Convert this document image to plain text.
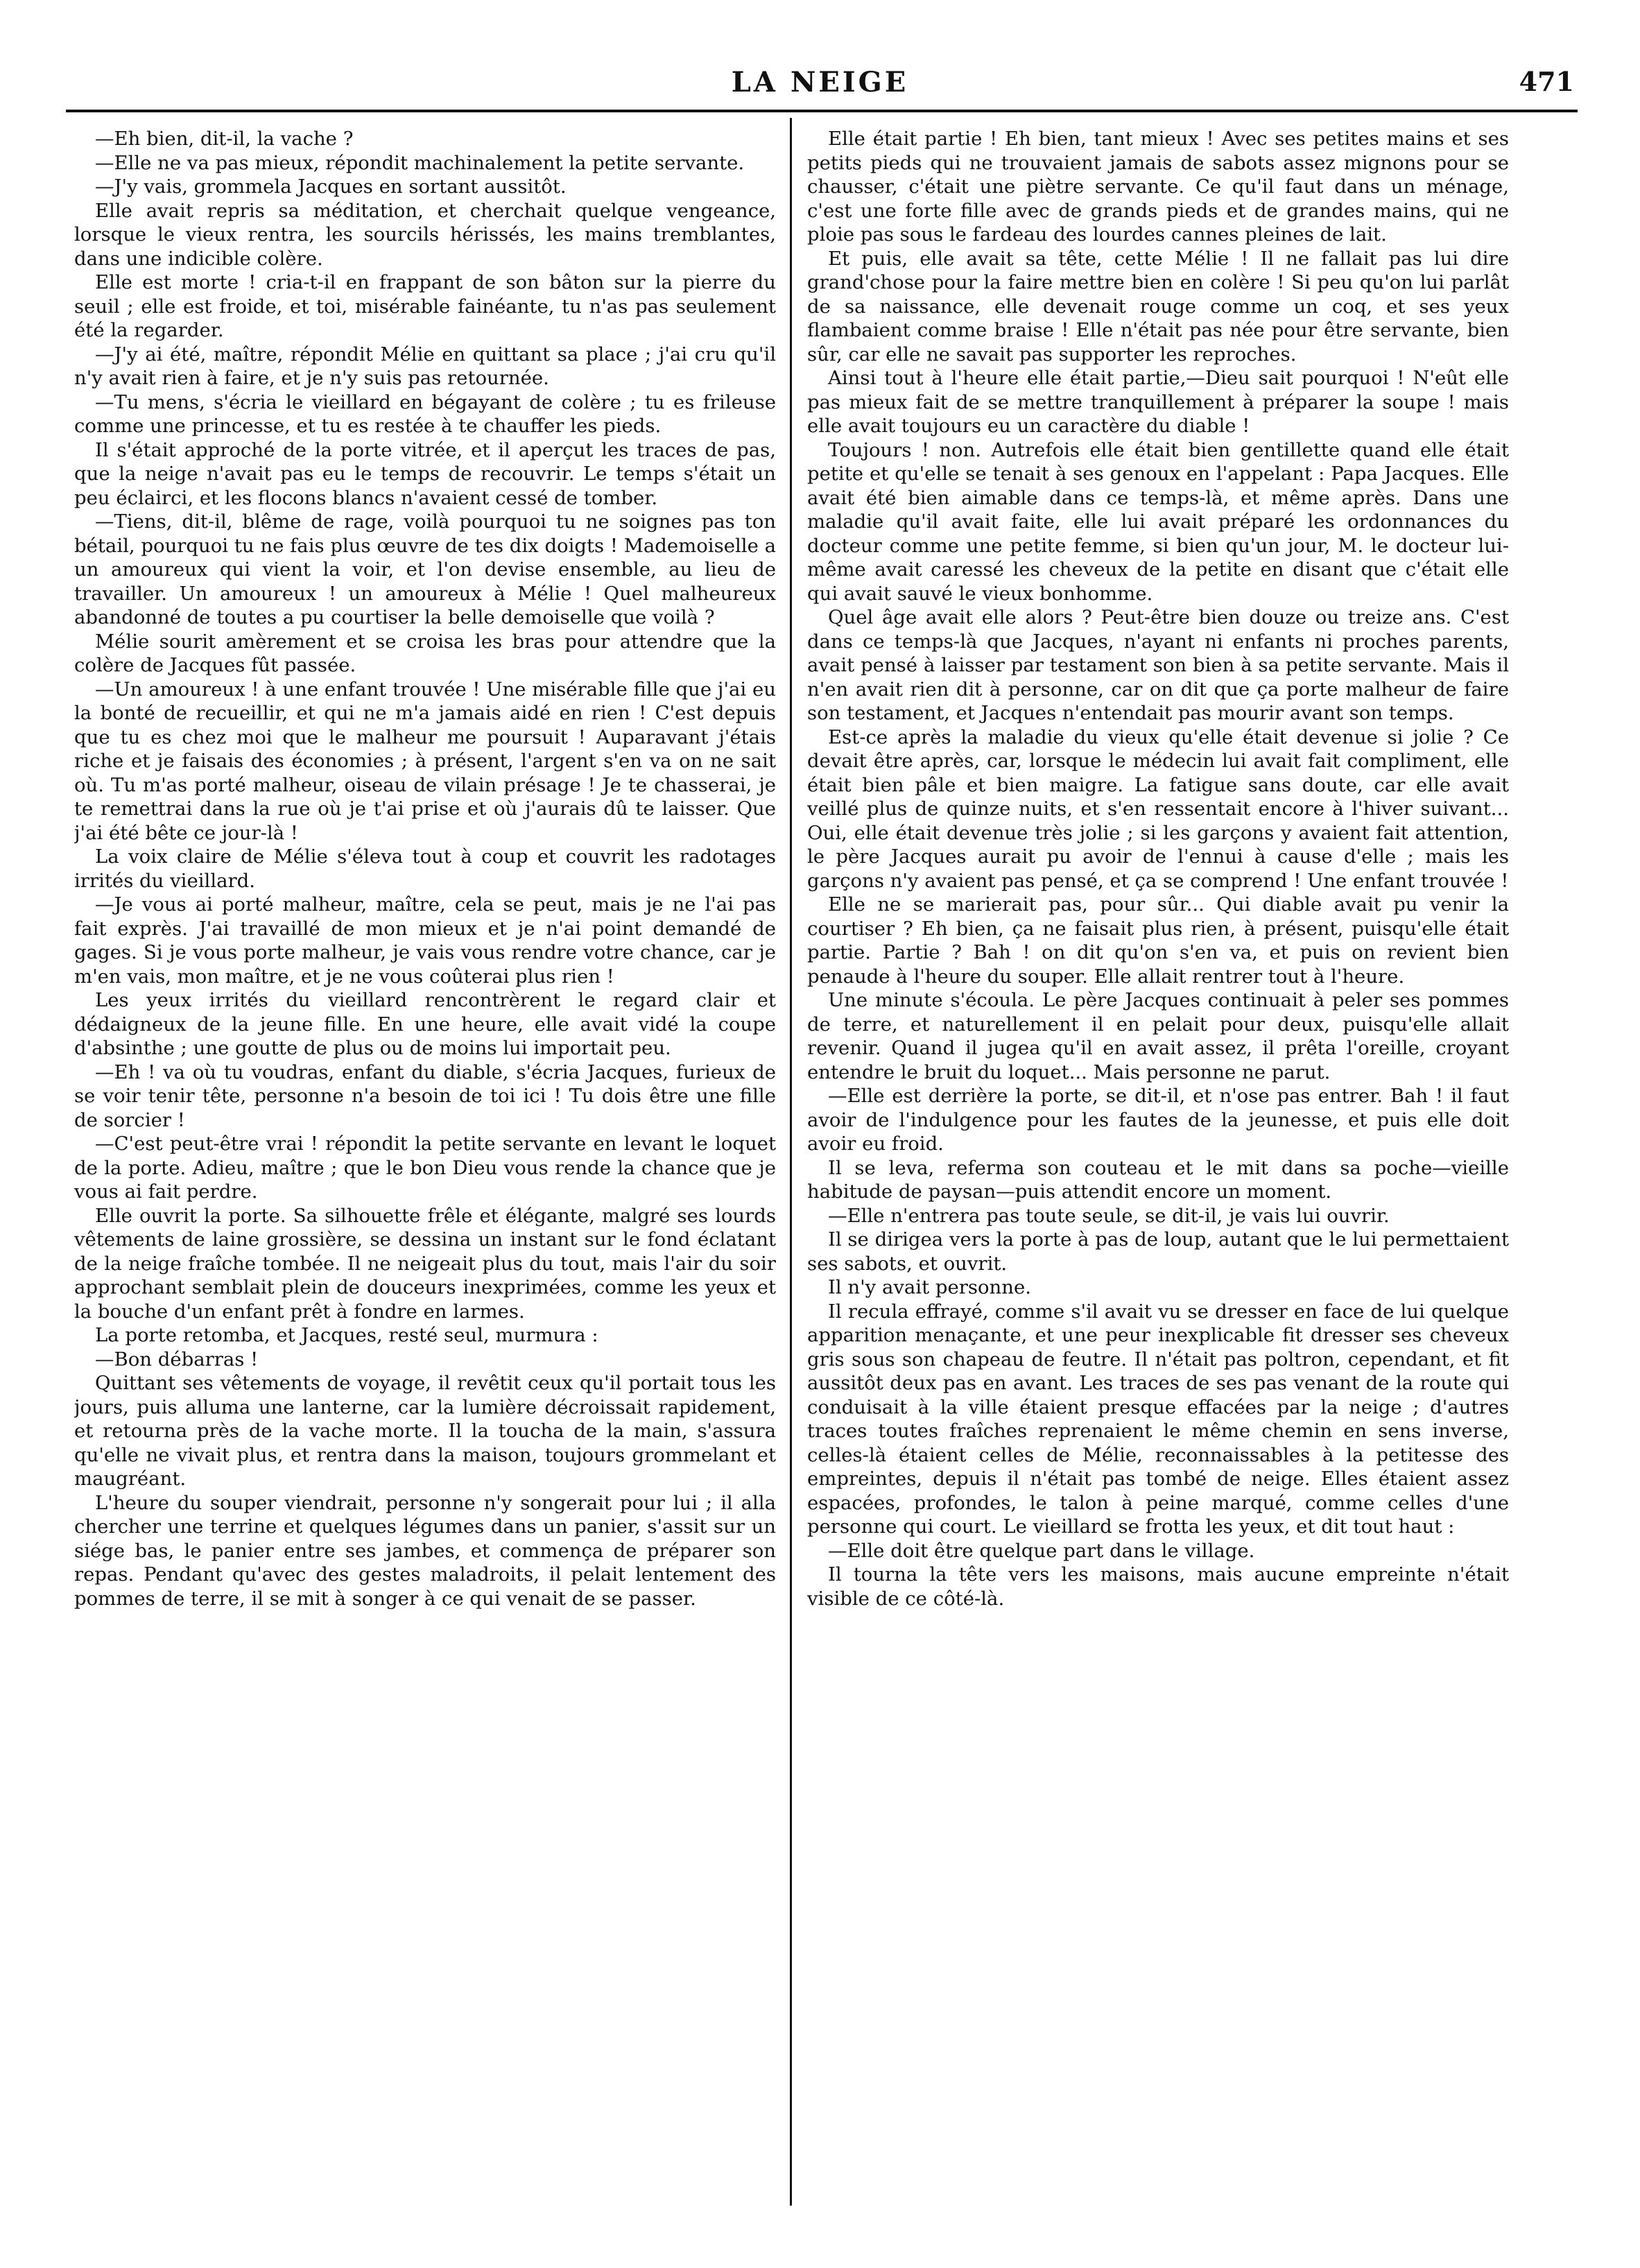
LA NEIGE	471

—Eh bien, dit-il, la vache ?

—Elle ne va pas mieux, répondit machinalement la petite servante.

—J'y vais, grommela Jacques en sortant aussitôt.

Elle avait repris sa méditation, et cherchait quelque vengeance, lorsque le vieux rentra, les sourcils hérissés, les mains tremblantes, dans une indicible colère.

Elle est morte ! cria-t-il en frappant de son bâton sur la pierre du seuil ; elle est froide, et toi, misérable fainéante, tu n'as pas seulement été la regarder.

—J'y ai été, maître, répondit Mélie en quittant sa place ; j'ai cru qu'il n'y avait rien à faire, et je n'y suis pas retournée.

—Tu mens, s'écria le vieillard en bégayant de colère ; tu es frileuse comme une princesse, et tu es restée à te chauffer les pieds.

Il s'était approché de la porte vitrée, et il aperçut les traces de pas, que la neige n'avait pas eu le temps de recouvrir. Le temps s'était un peu éclairci, et les flocons blancs n'avaient cessé de tomber.

—Tiens, dit-il, blême de rage, voilà pourquoi tu ne soignes pas ton bétail, pourquoi tu ne fais plus œuvre de tes dix doigts ! Mademoiselle a un amoureux qui vient la voir, et l'on devise ensemble, au lieu de travailler. Un amoureux ! un amoureux à Mélie ! Quel malheureux abandonné de toutes a pu courtiser la belle demoiselle que voilà ?

Mélie sourit amèrement et se croisa les bras pour attendre que la colère de Jacques fût passée.

—Un amoureux ! à une enfant trouvée ! Une misérable fille que j'ai eu la bonté de recueillir, et qui ne m'a jamais aidé en rien ! C'est depuis que tu es chez moi que le malheur me poursuit ! Auparavant j'étais riche et je faisais des économies ; à présent, l'argent s'en va on ne sait où. Tu m'as porté malheur, oiseau de vilain présage ! Je te chasserai, je te remettrai dans la rue où je t'ai prise et où j'aurais dû te laisser. Que j'ai été bête ce jour-là !

La voix claire de Mélie s'éleva tout à coup et couvrit les radotages irrités du vieillard.

—Je vous ai porté malheur, maître, cela se peut, mais je ne l'ai pas fait exprès. J'ai travaillé de mon mieux et je n'ai point demandé de gages. Si je vous porte malheur, je vais vous rendre votre chance, car je m'en vais, mon maître, et je ne vous coûterai plus rien !

Les yeux irrités du vieillard rencontrèrent le regard clair et dédaigneux de la jeune fille. En une heure, elle avait vidé la coupe d'absinthe ; une goutte de plus ou de moins lui importait peu.

—Eh ! va où tu voudras, enfant du diable, s'écria Jacques, furieux de se voir tenir tête, personne n'a besoin de toi ici ! Tu dois être une fille de sorcier !

—C'est peut-être vrai ! répondit la petite servante en levant le loquet de la porte. Adieu, maître ; que le bon Dieu vous rende la chance que je vous ai fait perdre.

Elle ouvrit la porte. Sa silhouette frêle et élégante, malgré ses lourds vêtements de laine grossière, se dessina un instant sur le fond éclatant de la neige fraîche tombée. Il ne neigeait plus du tout, mais l'air du soir approchant semblait plein de douceurs inexprimées, comme les yeux et la bouche d'un enfant prêt à fondre en larmes.

La porte retomba, et Jacques, resté seul, murmura :

—Bon débarras !

Quittant ses vêtements de voyage, il revêtit ceux qu'il portait tous les jours, puis alluma une lanterne, car la lumière décroissait rapidement, et retourna près de la vache morte. Il la toucha de la main, s'assura qu'elle ne vivait plus, et rentra dans la maison, toujours grommelant et maugréant.

L'heure du souper viendrait, personne n'y songerait pour lui ; il alla chercher une terrine et quelques légumes dans un panier, s'assit sur un siége bas, le panier entre ses jambes, et commença de préparer son repas. Pendant qu'avec des gestes maladroits, il pelait lentement des pommes de terre, il se mit à songer à ce qui venait de se passer.

Elle était partie ! Eh bien, tant mieux ! Avec ses petites mains et ses petits pieds qui ne trouvaient jamais de sabots assez mignons pour se chausser, c'était une piètre servante. Ce qu'il faut dans un ménage, c'est une forte fille avec de grands pieds et de grandes mains, qui ne ploie pas sous le fardeau des lourdes cannes pleines de lait.

Et puis, elle avait sa tête, cette Mélie ! Il ne fallait pas lui dire grand'chose pour la faire mettre bien en colère ! Si peu qu'on lui parlât de sa naissance, elle devenait rouge comme un coq, et ses yeux flambaient comme braise ! Elle n'était pas née pour être servante, bien sûr, car elle ne savait pas supporter les reproches.

Ainsi tout à l'heure elle était partie,—Dieu sait pourquoi ! N'eût elle pas mieux fait de se mettre tranquillement à préparer la soupe ! mais elle avait toujours eu un caractère du diable !

Toujours ! non. Autrefois elle était bien gentillette quand elle était petite et qu'elle se tenait à ses genoux en l'appelant : Papa Jacques. Elle avait été bien aimable dans ce temps-là, et même après. Dans une maladie qu'il avait faite, elle lui avait préparé les ordonnances du docteur comme une petite femme, si bien qu'un jour, M. le docteur lui-même avait caressé les cheveux de la petite en disant que c'était elle qui avait sauvé le vieux bonhomme.

Quel âge avait elle alors ? Peut-être bien douze ou treize ans. C'est dans ce temps-là que Jacques, n'ayant ni enfants ni proches parents, avait pensé à laisser par testament son bien à sa petite servante. Mais il n'en avait rien dit à personne, car on dit que ça porte malheur de faire son testament, et Jacques n'entendait pas mourir avant son temps.

Est-ce après la maladie du vieux qu'elle était devenue si jolie ? Ce devait être après, car, lorsque le médecin lui avait fait compliment, elle était bien pâle et bien maigre. La fatigue sans doute, car elle avait veillé plus de quinze nuits, et s'en ressentait encore à l'hiver suivant... Oui, elle était devenue très jolie ; si les garçons y avaient fait attention, le père Jacques aurait pu avoir de l'ennui à cause d'elle ; mais les garçons n'y avaient pas pensé, et ça se comprend ! Une enfant trouvée !

Elle ne se marierait pas, pour sûr... Qui diable avait pu venir la courtiser ? Eh bien, ça ne faisait plus rien, à présent, puisqu'elle était partie. Partie ? Bah ! on dit qu'on s'en va, et puis on revient bien penaude à l'heure du souper. Elle allait rentrer tout à l'heure.

Une minute s'écoula. Le père Jacques continuait à peler ses pommes de terre, et naturellement il en pelait pour deux, puisqu'elle allait revenir. Quand il jugea qu'il en avait assez, il prêta l'oreille, croyant entendre le bruit du loquet... Mais personne ne parut.

—Elle est derrière la porte, se dit-il, et n'ose pas entrer. Bah ! il faut avoir de l'indulgence pour les fautes de la jeunesse, et puis elle doit avoir eu froid.

Il se leva, referma son couteau et le mit dans sa poche—vieille habitude de paysan—puis attendit encore un moment.

—Elle n'entrera pas toute seule, se dit-il, je vais lui ouvrir.

Il se dirigea vers la porte à pas de loup, autant que le lui permettaient ses sabots, et ouvrit.

Il n'y avait personne.

Il recula effrayé, comme s'il avait vu se dresser en face de lui quelque apparition menaçante, et une peur inexplicable fit dresser ses cheveux gris sous son chapeau de feutre. Il n'était pas poltron, cependant, et fit aussitôt deux pas en avant. Les traces de ses pas venant de la route qui conduisait à la ville étaient presque effacées par la neige ; d'autres traces toutes fraîches reprenaient le même chemin en sens inverse, celles-là étaient celles de Mélie, reconnaissables à la petitesse des empreintes, depuis il n'était pas tombé de neige. Elles étaient assez espacées, profondes, le talon à peine marqué, comme celles d'une personne qui court. Le vieillard se frotta les yeux, et dit tout haut :

—Elle doit être quelque part dans le village.

Il tourna la tête vers les maisons, mais aucune empreinte n'était visible de ce côté-là.
